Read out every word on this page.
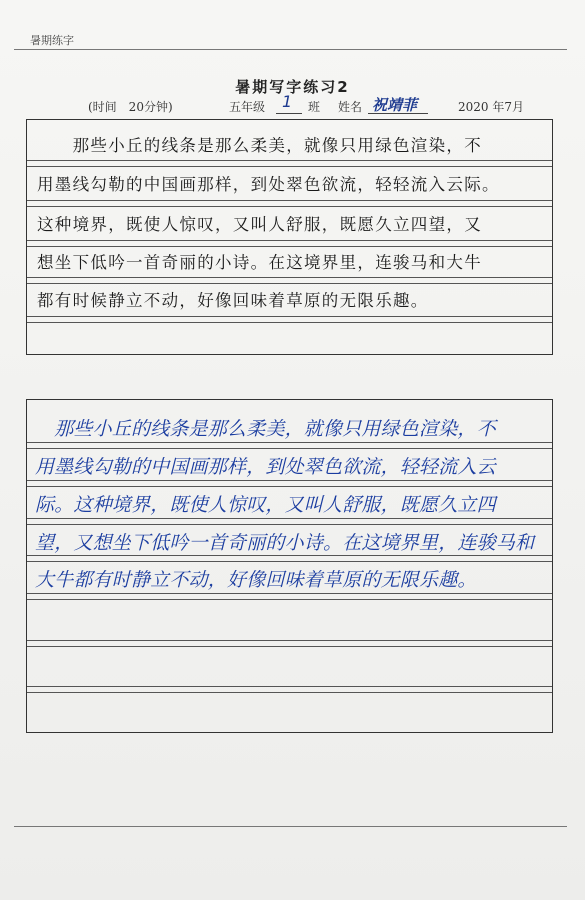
暑期练字
暑期写字练习2
(时间　20分钟)	五年级 1 班 姓名 祝靖菲	2020 年7月
　　那些小丘的线条是那么柔美，就像只用绿色渲染，不
用墨线勾勒的中国画那样，到处翠色欲流，轻轻流入云际。
这种境界，既使人惊叹，又叫人舒服，既愿久立四望，又
想坐下低吟一首奇丽的小诗。在这境界里，连骏马和大牛
都有时候静立不动，好像回味着草原的无限乐趣。
　那些小丘的线条是那么柔美，就像只用绿色渲染，不
用墨线勾勒的中国画那样，到处翠色欲流，轻轻流入云
际。这种境界，既使人惊叹，又叫人舒服，既愿久立四
望，又想坐下低吟一首奇丽的小诗。在这境界里，连骏马和
大牛都有时静立不动，好像回味着草原的无限乐趣。
